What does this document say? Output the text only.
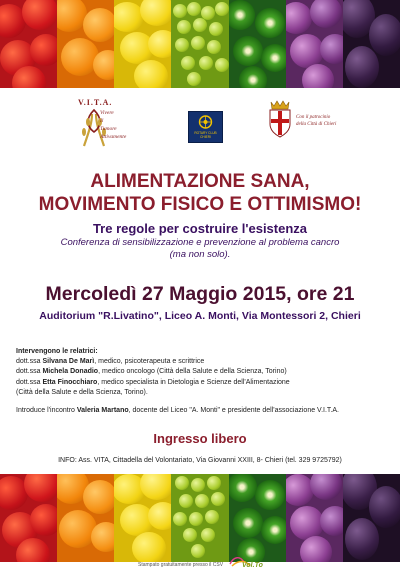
V.I.T.A.
Vivere
Il
Tumore
Attivamente
ROTARY CLUB
CHIERI
Con il patrocinio
della Città di Chieri
ALIMENTAZIONE SANA,
MOVIMENTO FISICO E OTTIMISMO!

Tre regole per costruire l'esistenza

Conferenza di sensibilizzazione e prevenzione al problema cancro
(ma non solo).

Mercoledì 27 Maggio 2015, ore 21

Auditorium "R.Livatino", Liceo A. Monti, Via Montessori 2, Chieri

Intervengono le relatrici:

dott.ssa Silvana De Marì, medico, psicoterapeuta e scrittrice

dott.ssa Michela Donadio, medico oncologo (Città della Salute e della Scienza, Torino)

dott.ssa Etta Finocchiaro, medico specialista in Dietologia e Scienze dell'Alimentazione

(Città della Salute e della Scienza, Torino).

Introduce l'incontro Valeria Martano, docente del Liceo "A. Monti" e presidente dell'associazione V.I.T.A.

Ingresso libero

INFO: Ass. VITA, Cittadella del Volontariato, Via Giovanni XXIII, 8- Chieri (tel. 329 9725792)

Stampato gratuitamente presso il CSV	Vol.To
